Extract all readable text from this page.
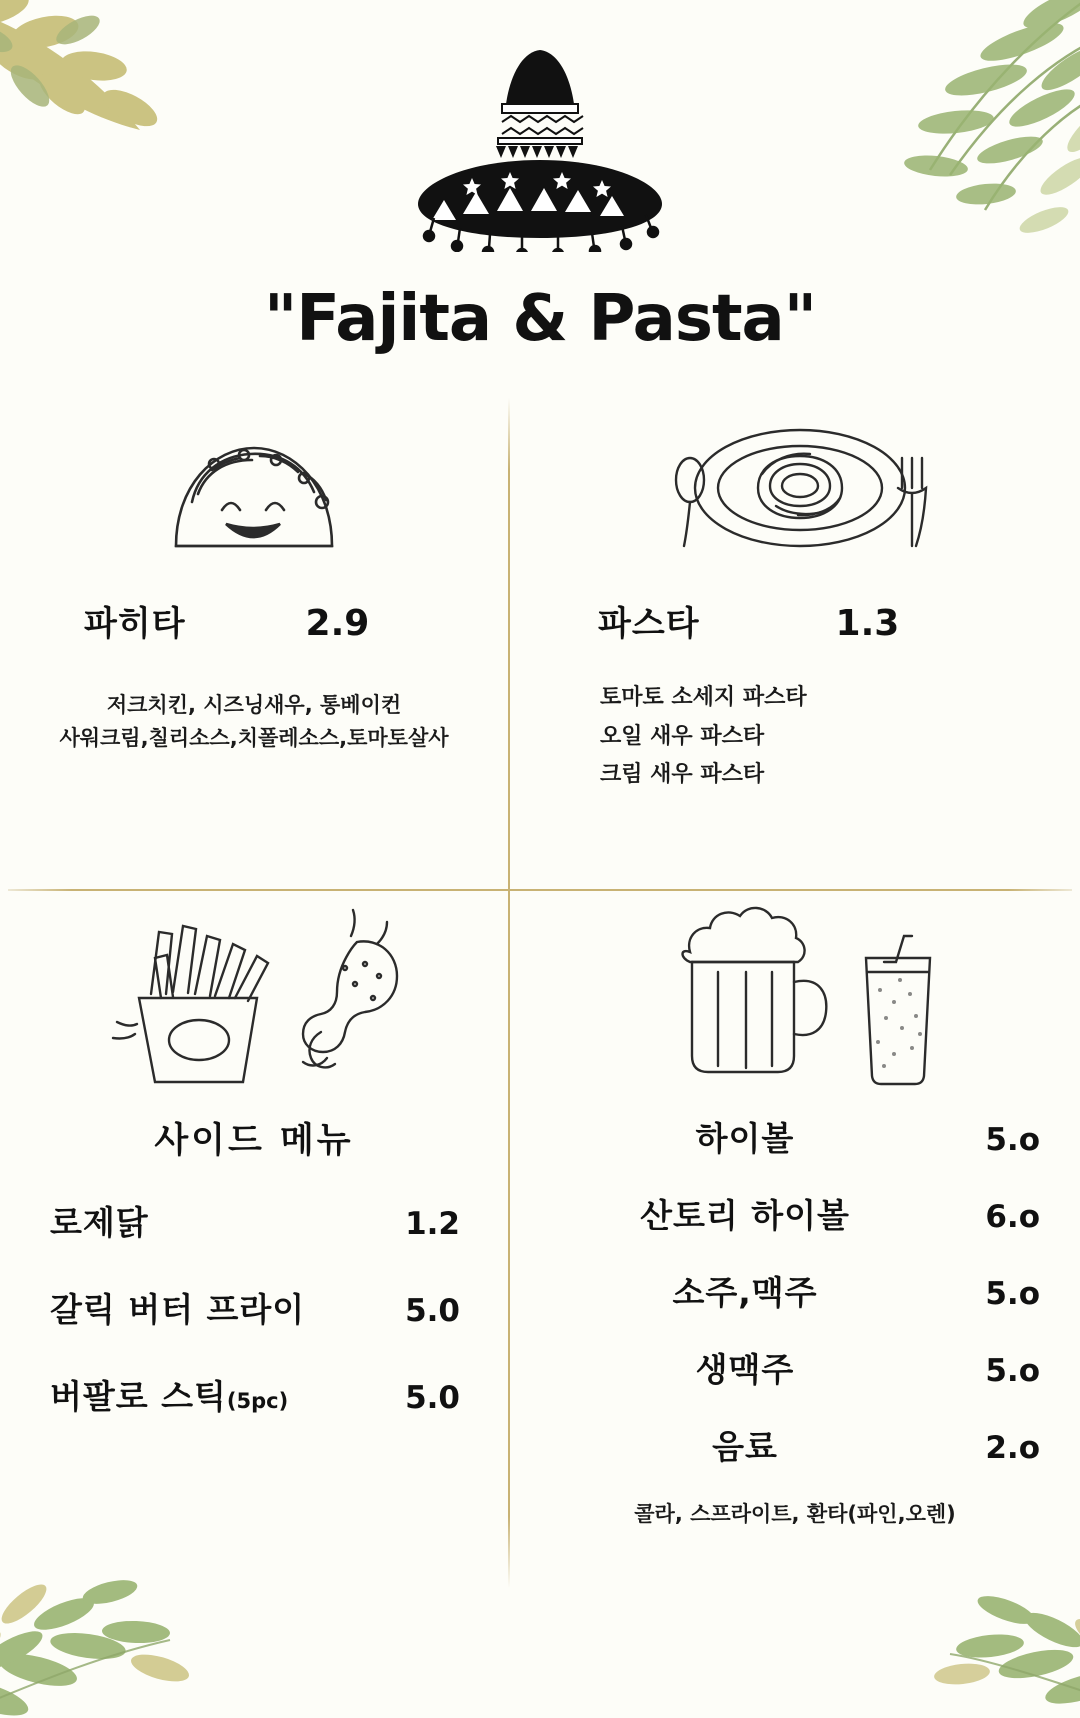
"Fajita & Pasta"
파히타	2.9
저크치킨, 시즈닝새우, 통베이컨
사워크림,칠리소스,치폴레소스,토마토살사
파스타	1.3
토마토 소세지 파스타
오일 새우 파스타
크림 새우 파스타
사이드 메뉴
로제닭	1.2
갈릭 버터 프라이	5.0
버팔로 스틱(5pc)	5.0
하이볼	5.o
산토리 하이볼	6.o
소주,맥주	5.o
생맥주	5.o
음료	2.o
콜라, 스프라이트, 환타(파인,오렌)
